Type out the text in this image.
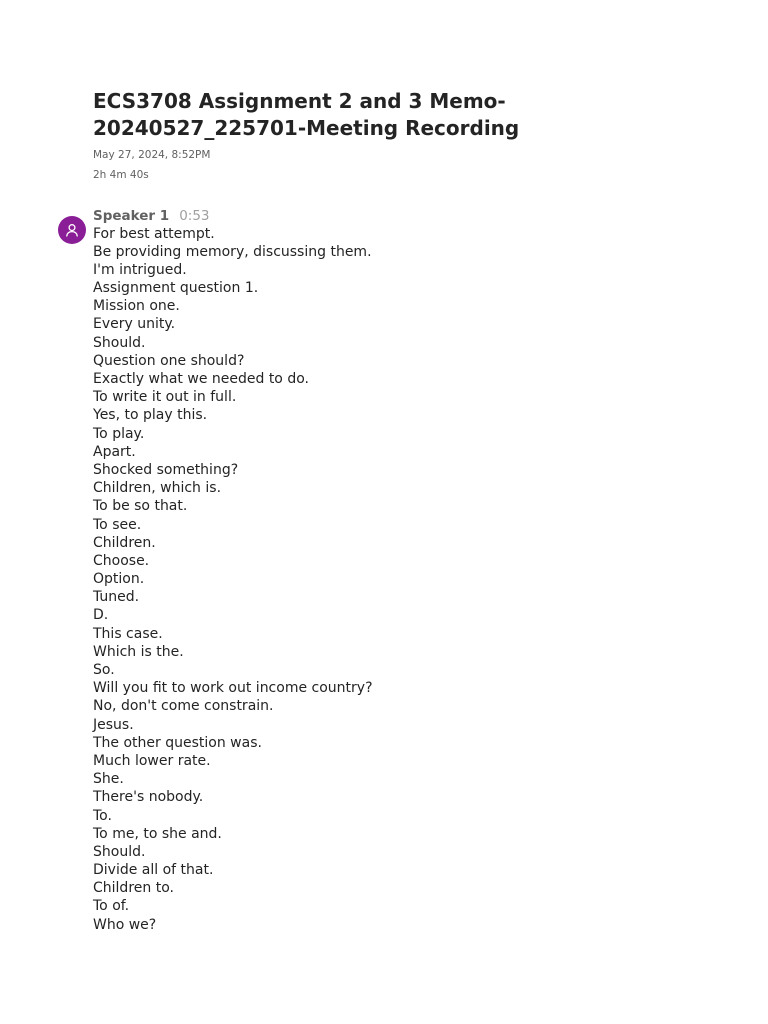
ECS3708 Assignment 2 and 3 Memo-20240527_225701-Meeting Recording
May 27, 2024, 8:52PM
2h 4m 40s
Speaker 1 0:53
For best attempt.
Be providing memory, discussing them.
I'm intrigued.
Assignment question 1.
Mission one.
Every unity.
Should.
Question one should?
Exactly what we needed to do.
To write it out in full.
Yes, to play this.
To play.
Apart.
Shocked something?
Children, which is.
To be so that.
To see.
Children.
Choose.
Option.
Tuned.
D.
This case.
Which is the.
So.
Will you fit to work out income country?
No, don't come constrain.
Jesus.
The other question was.
Much lower rate.
She.
There's nobody.
To.
To me, to she and.
Should.
Divide all of that.
Children to.
To of.
Who we?
